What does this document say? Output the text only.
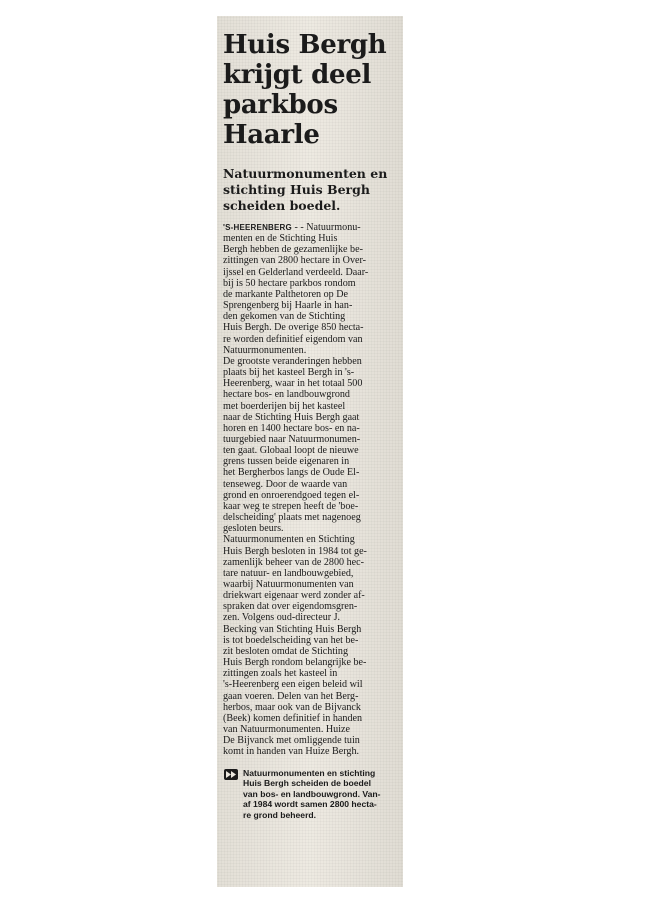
Huis Bergh
krijgt deel
parkbos
Haarle
Natuurmonumenten en
stichting Huis Bergh
scheiden boedel.
'S-HEERENBERG - - Natuurmonu-
menten en de Stichting Huis
Bergh hebben de gezamenlijke be-
zittingen van 2800 hectare in Over-
ijssel en Gelderland verdeeld. Daar-
bij is 50 hectare parkbos rondom
de markante Palthetoren op De
Sprengenberg bij Haarle in han-
den gekomen van de Stichting
Huis Bergh. De overige 850 hecta-
re worden definitief eigendom van
Natuurmonumenten.
De grootste veranderingen hebben
plaats bij het kasteel Bergh in 's-
Heerenberg, waar in het totaal 500
hectare bos- en landbouwgrond
met boerderijen bij het kasteel
naar de Stichting Huis Bergh gaat
horen en 1400 hectare bos- en na-
tuurgebied naar Natuurmonumen-
ten gaat. Globaal loopt de nieuwe
grens tussen beide eigenaren in
het Bergherbos langs de Oude El-
tenseweg. Door de waarde van
grond en onroerendgoed tegen el-
kaar weg te strepen heeft de 'boe-
delscheiding' plaats met nagenoeg
gesloten beurs.
Natuurmonumenten en Stichting
Huis Bergh besloten in 1984 tot ge-
zamenlijk beheer van de 2800 hec-
tare natuur- en landbouwgebied,
waarbij Natuurmonumenten van
driekwart eigenaar werd zonder af-
spraken dat over eigendomsgren-
zen. Volgens oud-directeur J.
Becking van Stichting Huis Bergh
is tot boedelscheiding van het be-
zit besloten omdat de Stichting
Huis Bergh rondom belangrijke be-
zittingen zoals het kasteel in
's-Heerenberg een eigen beleid wil
gaan voeren. Delen van het Berg-
herbos, maar ook van de Bijvanck
(Beek) komen definitief in handen
van Natuurmonumenten. Huize
De Bijvanck met omliggende tuin
komt in handen van Huize Bergh.
Natuurmonumenten en stichting
Huis Bergh scheiden de boedel
van bos- en landbouwgrond. Van-
af 1984 wordt samen 2800 hecta-
re grond beheerd.
